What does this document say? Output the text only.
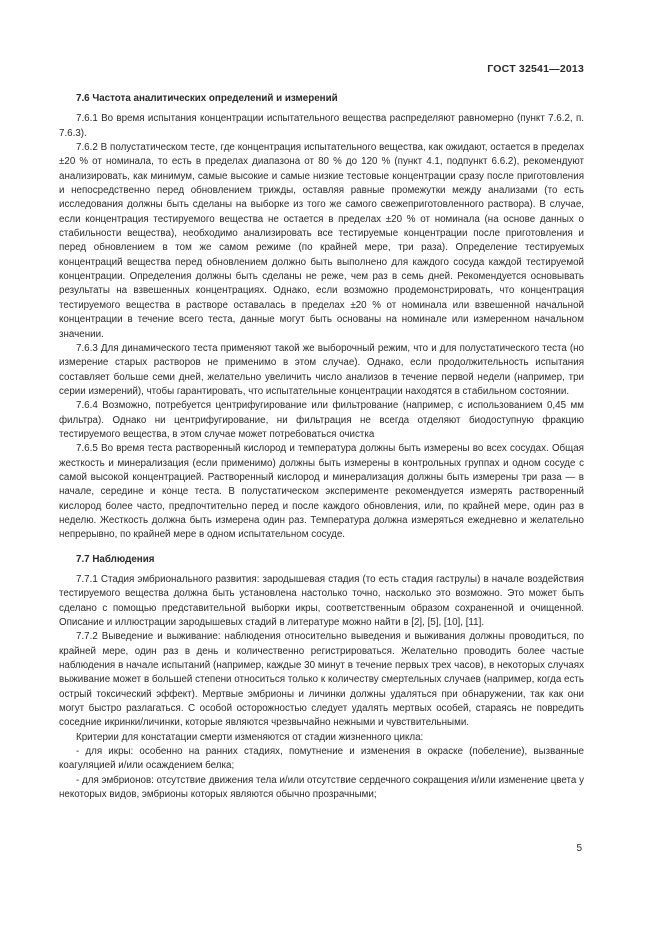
ГОСТ 32541—2013
7.6 Частота аналитических определений и измерений

7.6.1 Во время испытания концентрации испытательного вещества распределяют равномерно (пункт 7.6.2, п. 7.6.3).

7.6.2 В полустатическом тесте, где концентрация испытательного вещества, как ожидают, остается в пределах ±20 % от номинала, то есть в пределах диапазона от 80 % до 120 % (пункт 4.1, подпункт 6.6.2), рекомендуют анализировать, как минимум, самые высокие и самые низкие тестовые концентрации сразу после приготовления и непосредственно перед обновлением трижды, оставляя равные промежутки между анализами (то есть исследования должны быть сделаны на выборке из того же самого свежеприготовленного раствора). В случае, если концентрация тестируемого вещества не остается в пределах ±20 % от номинала (на основе данных о стабильности вещества), необходимо анализировать все тестируемые концентрации после приготовления и перед обновлением в том же самом режиме (по крайней мере, три раза). Определение тестируемых концентраций вещества перед обновлением должно быть выполнено для каждого сосуда каждой тестируемой концентрации. Определения должны быть сделаны не реже, чем раз в семь дней. Рекомендуется основывать результаты на взвешенных концентрациях. Однако, если возможно продемонстрировать, что концентрация тестируемого вещества в растворе оставалась в пределах ±20 % от номинала или взвешенной начальной концентрации в течение всего теста, данные могут быть основаны на номинале или измеренном начальном значении.

7.6.3 Для динамического теста применяют такой же выборочный режим, что и для полустатического теста (но измерение старых растворов не применимо в этом случае). Однако, если продолжительность испытания составляет больше семи дней, желательно увеличить число анализов в течение первой недели (например, три серии измерений), чтобы гарантировать, что испытательные концентрации находятся в стабильном состоянии.

7.6.4 Возможно, потребуется центрифугирование или фильтрование (например, с использованием 0,45 мм фильтра). Однако ни центрифугирование, ни фильтрация не всегда отделяют биодоступную фракцию тестируемого вещества, в этом случае может потребоваться очистка

7.6.5 Во время теста растворенный кислород и температура должны быть измерены во всех сосудах. Общая жесткость и минерализация (если применимо) должны быть измерены в контрольных группах и одном сосуде с самой высокой концентрацией. Растворенный кислород и минерализация должны быть измерены три раза — в начале, середине и конце теста. В полустатическом эксперименте рекомендуется измерять растворенный кислород более часто, предпочтительно перед и после каждого обновления, или, по крайней мере, один раз в неделю. Жесткость должна быть измерена один раз. Температура должна измеряться ежедневно и желательно непрерывно, по крайней мере в одном испытательном сосуде.

7.7 Наблюдения

7.7.1 Стадия эмбрионального развития: зародышевая стадия (то есть стадия гаструлы) в начале воздействия тестируемого вещества должна быть установлена настолько точно, насколько это возможно. Это может быть сделано с помощью представительной выборки икры, соответственным образом сохраненной и очищенной. Описание и иллюстрации зародышевых стадий в литературе можно найти в [2], [5], [10], [11].

7.7.2 Выведение и выживание: наблюдения относительно выведения и выживания должны проводиться, по крайней мере, один раз в день и количественно регистрироваться. Желательно проводить более частые наблюдения в начале испытаний (например, каждые 30 минут в течение первых трех часов), в некоторых случаях выживание может в большей степени относиться только к количеству смертельных случаев (например, когда есть острый токсический эффект). Мертвые эмбрионы и личинки должны удаляться при обнаружении, так как они могут быстро разлагаться. С особой осторожностью следует удалять мертвых особей, стараясь не повредить соседние икринки/личинки, которые являются чрезвычайно нежными и чувствительными.

Критерии для констатации смерти изменяются от стадии жизненного цикла:

- для икры: особенно на ранних стадиях, помутнение и изменения в окраске (побеление), вызванные коагуляцией и/или осаждением белка;

- для эмбрионов: отсутствие движения тела и/или отсутствие сердечного сокращения и/или изменение цвета у некоторых видов, эмбрионы которых являются обычно прозрачными;

5
